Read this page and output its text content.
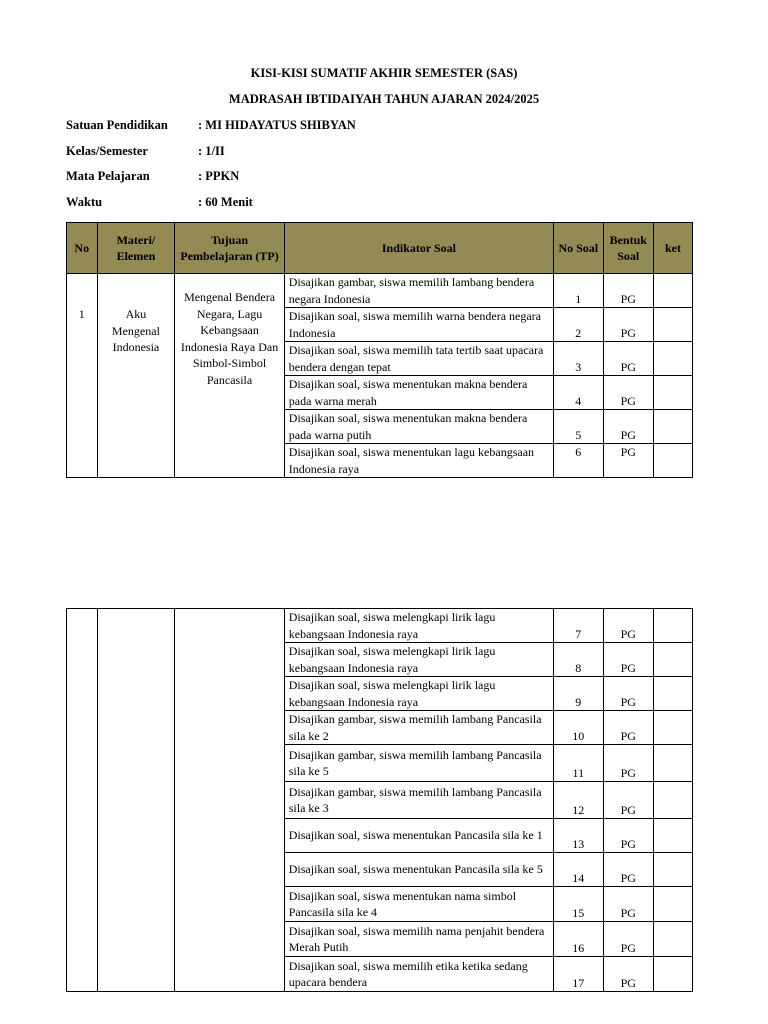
KISI-KISI SUMATIF AKHIR SEMESTER (SAS)
MADRASAH IBTIDAIYAH TAHUN AJARAN 2024/2025
Satuan Pendidikan : MI HIDAYATUS SHIBYAN
Kelas/Semester	: 1/II
Mata Pelajaran	: PPKN
Waktu	: 60 Menit
No	Materi/ Elemen	Tujuan Pembelajaran (TP)	Indikator Soal	No Soal	Bentuk Soal	ket
1	Aku Mengenal Indonesia	Mengenal Bendera Negara, Lagu Kebangsaan Indonesia Raya Dan Simbol-Simbol Pancasila	Disajikan gambar, siswa memilih lambang bendera negara Indonesia	1	PG	
			Disajikan soal, siswa memilih warna bendera negara Indonesia	2	PG	
			Disajikan soal, siswa memilih tata tertib saat upacara bendera dengan tepat	3	PG	
			Disajikan soal, siswa menentukan makna bendera pada warna merah	4	PG	
			Disajikan soal, siswa menentukan makna bendera pada warna putih	5	PG	
			Disajikan soal, siswa menentukan lagu kebangsaan Indonesia raya	6	PG	
			Disajikan soal, siswa melengkapi lirik lagu kebangsaan Indonesia raya	7	PG	
			Disajikan soal, siswa melengkapi lirik lagu kebangsaan Indonesia raya	8	PG	
			Disajikan soal, siswa melengkapi lirik lagu kebangsaan Indonesia raya	9	PG	
			Disajikan gambar, siswa memilih lambang Pancasila sila ke 2	10	PG	
			Disajikan gambar, siswa memilih lambang Pancasila sila ke 5	11	PG	
			Disajikan gambar, siswa memilih lambang Pancasila sila ke 3	12	PG	
			Disajikan soal, siswa menentukan Pancasila sila ke 1	13	PG	
			Disajikan soal, siswa menentukan Pancasila sila ke 5	14	PG	
			Disajikan soal, siswa menentukan nama simbol Pancasila sila ke 4	15	PG	
			Disajikan soal, siswa memilih nama penjahit bendera Merah Putih	16	PG	
			Disajikan soal, siswa memilih etika ketika sedang upacara bendera	17	PG	
